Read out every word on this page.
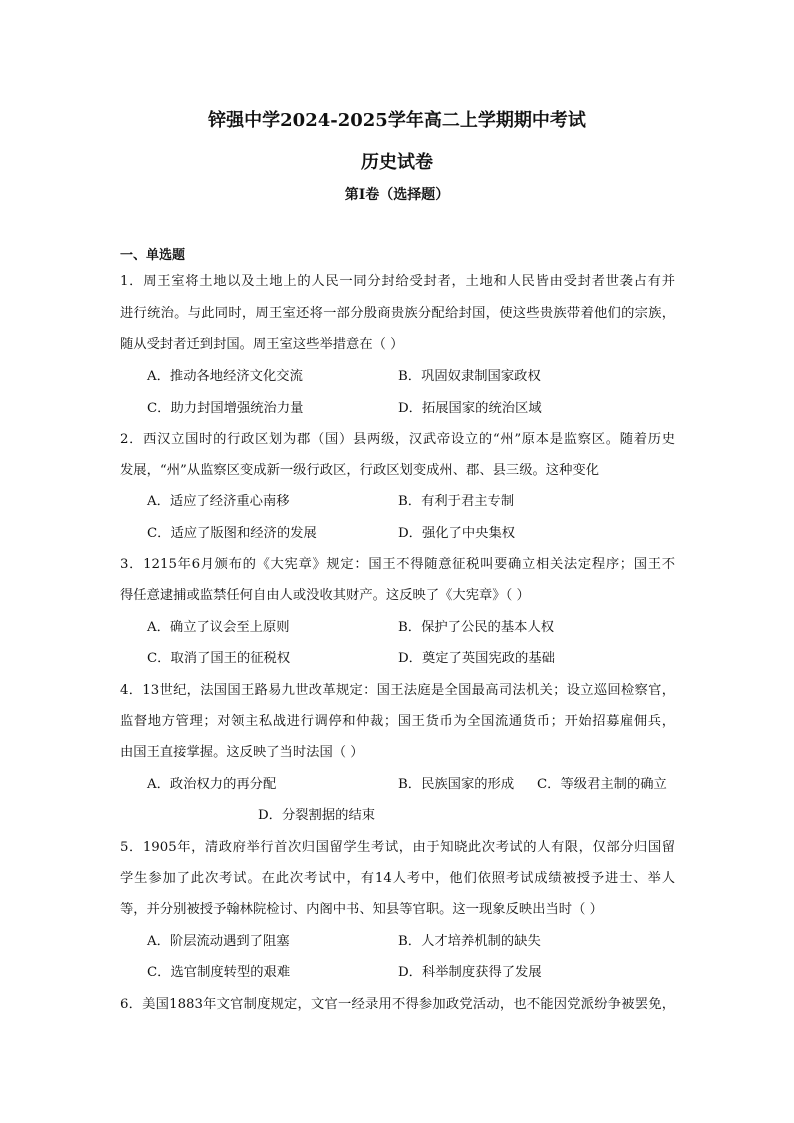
锌强中学2024-2025学年高二上学期期中考试
历史试卷
第I卷（选择题）
一、单选题
1．周王室将土地以及土地上的人民一同分封给受封者，土地和人民皆由受封者世袭占有并
进行统治。与此同时，周王室还将一部分殷商贵族分配给封国，使这些贵族带着他们的宗族，
随从受封者迁到封国。周王室这些举措意在（ ）
A．推动各地经济文化交流	B．巩固奴隶制国家政权
C．助力封国增强统治力量	D．拓展国家的统治区域
2．西汉立国时的行政区划为郡（国）县两级，汉武帝设立的“州”原本是监察区。随着历史
发展，“州”从监察区变成新一级行政区，行政区划变成州、郡、县三级。这种变化
A．适应了经济重心南移	B．有利于君主专制
C．适应了版图和经济的发展	D．强化了中央集权
3．1215年6月颁布的《大宪章》规定：国王不得随意征税叫要确立相关法定程序；国王不
得任意逮捕或监禁任何自由人或没收其财产。这反映了《大宪章》（ ）
A．确立了议会至上原则	B．保护了公民的基本人权
C．取消了国王的征税权	D．奠定了英国宪政的基础
4．13世纪，法国国王路易九世改革规定：国王法庭是全国最高司法机关；设立巡回检察官，
监督地方管理；对领主私战进行调停和仲裁；国王货币为全国流通货币；开始招募雇佣兵，
由国王直接掌握。这反映了当时法国（ ）
A．政治权力的再分配	B．民族国家的形成 C．等级君主制的确立
D．分裂割据的结束
5．1905年，清政府举行首次归国留学生考试，由于知晓此次考试的人有限，仅部分归国留
学生参加了此次考试。在此次考试中，有14人考中，他们依照考试成绩被授予进士、举人
等，并分别被授予翰林院检讨、内阁中书、知县等官职。这一现象反映出当时（ ）
A．阶层流动遇到了阻塞	B．人才培养机制的缺失
C．选官制度转型的艰难	D．科举制度获得了发展
6．美国1883年文官制度规定，文官一经录用不得参加政党活动，也不能因党派纷争被罢免，
